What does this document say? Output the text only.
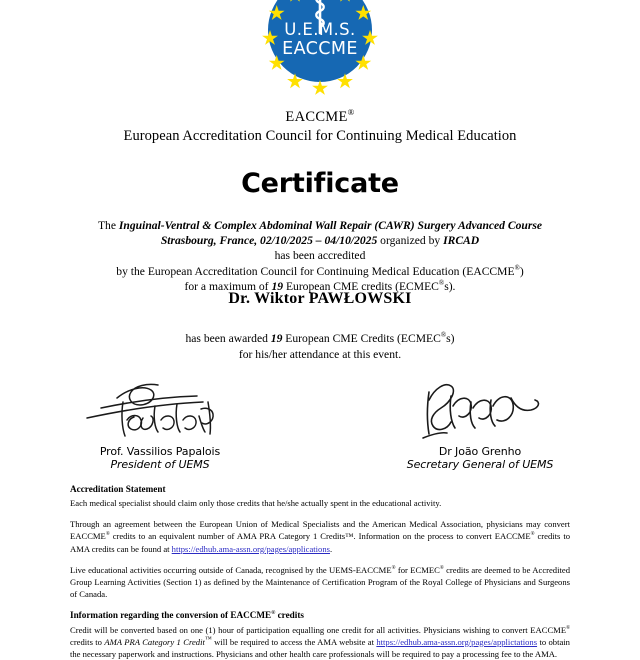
U.E.M.S.
EACCME
EACCME®
European Accreditation Council for Continuing Medical Education
Certificate
The Inguinal-Ventral & Complex Abdominal Wall Repair (CAWR) Surgery Advanced Course
Strasbourg, France, 02/10/2025 – 04/10/2025 organized by IRCAD
has been accredited
by the European Accreditation Council for Continuing Medical Education (EACCME®)
for a maximum of 19 European CME credits (ECMEC®s).
Dr. Wiktor PAWŁOWSKI
has been awarded 19 European CME Credits (ECMEC®s)
for his/her attendance at this event.
Prof. Vassilios Papalois
President of UEMS
Dr João Grenho
Secretary General of UEMS
Accreditation Statement

Each medical specialist should claim only those credits that he/she actually spent in the educational activity.

Through an agreement between the European Union of Medical Specialists and the American Medical Association, physicians may convert EACCME® credits to an equivalent number of AMA PRA Category 1 Credits™. Information on the process to convert EACCME® credits to AMA credits can be found at https://edhub.ama-assn.org/pages/applications.

Live educational activities occurring outside of Canada, recognised by the UEMS-EACCME® for ECMEC® credits are deemed to be Accredited Group Learning Activities (Section 1) as defined by the Maintenance of Certification Program of the Royal College of Physicians and Surgeons of Canada.

Information regarding the conversion of EACCME® credits

Credit will be converted based on one (1) hour of participation equalling one credit for all activities. Physicians wishing to convert EACCME® credits to AMA PRA Category 1 Credit™ will be required to access the AMA website at https://edhub.ama-assn.org/pages/applictations to obtain the necessary paperwork and instructions. Physicians and other health care professionals will be required to pay a processing fee to the AMA.
